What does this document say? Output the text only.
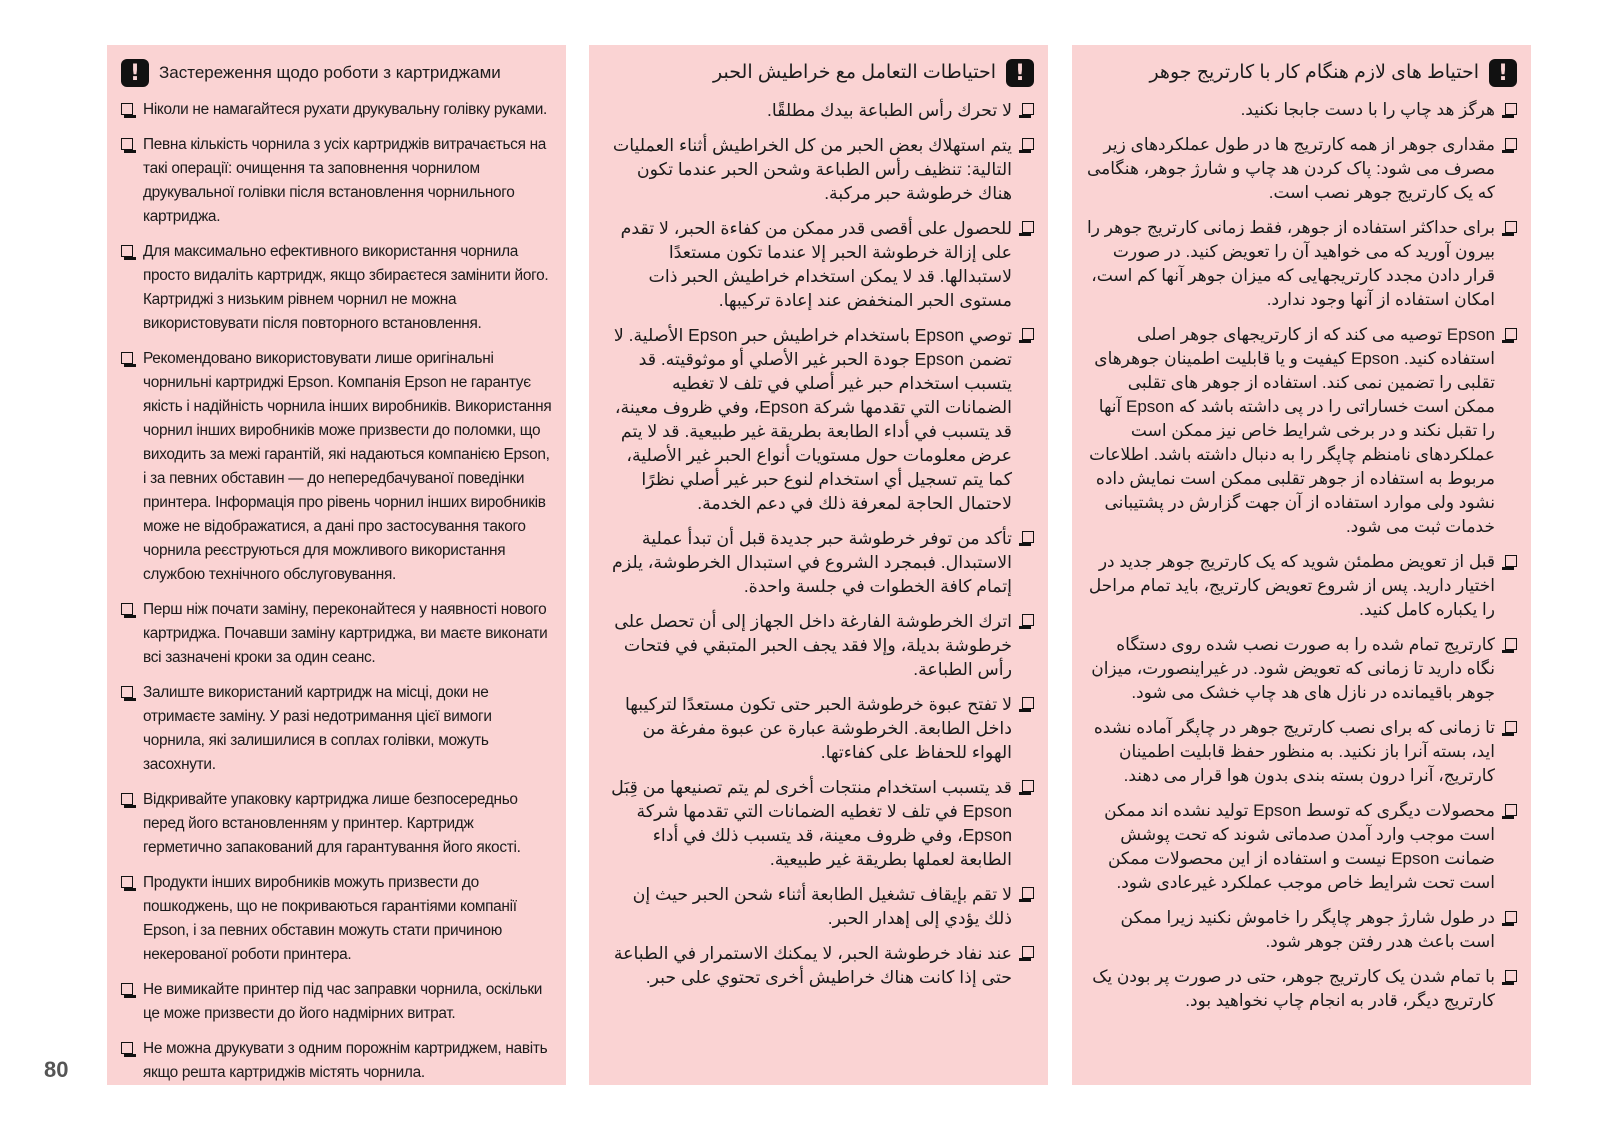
!	Застереження щодо роботи з картриджами
Ніколи не намагайтеся рухати друкувальну голівку руками.
Певна кількість чорнила з усіх картриджів витрачається на такі операції: очищення та заповнення чорнилом друкувальної голівки після встановлення чорнильного картриджа.
Для максимально ефективного використання чорнила просто видаліть картридж, якщо збираєтеся замінити його. Картриджі з низьким рівнем чорнил не можна використовувати після повторного встановлення.
Рекомендовано використовувати лише оригінальні чорнильні картриджі Epson. Компанія Epson не гарантує якість і надійність чорнила інших виробників. Використання чорнил інших виробників може призвести до поломки, що виходить за межі гарантій, які надаються компанією Epson, і за певних обставин — до непередбачуваної поведінки принтера. Інформація про рівень чорнил інших виробників може не відображатися, а дані про застосування такого чорнила реєструються для можливого використання службою технічного обслуговування.
Перш ніж почати заміну, переконайтеся у наявності нового картриджа. Почавши заміну картриджа, ви маєте виконати всі зазначені кроки за один сеанс.
Залиште використаний картридж на місці, доки не отримаєте заміну. У разі недотримання цієї вимоги чорнила, які залишилися в соплах голівки, можуть засохнути.
Відкривайте упаковку картриджа лише безпосередньо перед його встановленням у принтер. Картридж герметично запакований для гарантування його якості.
Продукти інших виробників можуть призвести до пошкоджень, що не покриваються гарантіями компанії Epson, і за певних обставин можуть стати причиною некерованої роботи принтера.
Не вимикайте принтер під час заправки чорнила, оскільки це може призвести до його надмірних витрат.
Не можна друкувати з одним порожнім картриджем, навіть якщо решта картриджів містять чорнила.
!
احتياطات التعامل مع خراطيش الحبر
لا تحرك رأس الطباعة بيدك مطلقًا.
يتم استهلاك بعض الحبر من كل الخراطيش أثناء العمليات التالية: تنظيف رأس الطباعة وشحن الحبر عندما تكون هناك خرطوشة حبر مركبة.
للحصول على أقصى قدر ممكن من كفاءة الحبر، لا تقدم على إزالة خرطوشة الحبر إلا عندما تكون مستعدًا لاستبدالها. قد لا يمكن استخدام خراطيش الحبر ذات مستوى الحبر المنخفض عند إعادة تركيبها.
توصي Epson باستخدام خراطيش حبر Epson الأصلية. لا تضمن Epson جودة الحبر غير الأصلي أو موثوقيته. قد يتسبب استخدام حبر غير أصلي في تلف لا تغطيه الضمانات التي تقدمها شركة Epson، وفي ظروف معينة، قد يتسبب في أداء الطابعة بطريقة غير طبيعية. قد لا يتم عرض معلومات حول مستويات أنواع الحبر غير الأصلية، كما يتم تسجيل أي استخدام لنوع حبر غير أصلي نظرًا لاحتمال الحاجة لمعرفة ذلك في دعم الخدمة.
تأكد من توفر خرطوشة حبر جديدة قبل أن تبدأ عملية الاستبدال. فبمجرد الشروع في استبدال الخرطوشة، يلزم إتمام كافة الخطوات في جلسة واحدة.
اترك الخرطوشة الفارغة داخل الجهاز إلى أن تحصل على خرطوشة بديلة، وإلا فقد يجف الحبر المتبقي في فتحات رأس الطباعة.
لا تفتح عبوة خرطوشة الحبر حتى تكون مستعدًا لتركيبها داخل الطابعة. الخرطوشة عبارة عن عبوة مفرغة من الهواء للحفاظ على كفاءتها.
قد يتسبب استخدام منتجات أخرى لم يتم تصنيعها من قِبَل Epson في تلف لا تغطيه الضمانات التي تقدمها شركة Epson، وفي ظروف معينة، قد يتسبب ذلك في أداء الطابعة لعملها بطريقة غير طبيعية.
لا تقم بإيقاف تشغيل الطابعة أثناء شحن الحبر حيث إن ذلك يؤدي إلى إهدار الحبر.
عند نفاد خرطوشة الحبر، لا يمكنك الاستمرار في الطباعة حتى إذا كانت هناك خراطيش أخرى تحتوي على حبر.
!
احتیاط های لازم هنگام کار با کارتریج جوهر
هرگز هد چاپ را با دست جابجا نکنید.
مقداری جوهر از همه کارتریج ها در طول عملکردهای زیر مصرف می شود: پاک کردن هد چاپ و شارژ جوهر، هنگامی که یک کارتریج جوهر نصب است.
برای حداکثر استفاده از جوهر، فقط زمانی کارتریج جوهر را بیرون آورید که می خواهید آن را تعویض کنید. در صورت قرار دادن مجدد کارتریجهایی که میزان جوهر آنها کم است، امکان استفاده از آنها وجود ندارد.
Epson توصیه می کند که از کارتریجهای جوهر اصلی استفاده کنید. Epson کیفیت و یا قابلیت اطمینان جوهرهای تقلبی را تضمین نمی کند. استفاده از جوهر های تقلبی ممکن است خساراتی را در پی داشته باشد که Epson آنها را تقبل نکند و در برخی شرایط خاص نیز ممکن است عملکردهای نامنظم چاپگر را به دنبال داشته باشد. اطلاعات مربوط به استفاده از جوهر تقلبی ممکن است نمایش داده نشود ولی موارد استفاده از آن جهت گزارش در پشتیبانی خدمات ثبت می شود.
قبل از تعویض مطمئن شوید که یک کارتریج جوهر جدید در اختیار دارید. پس از شروع تعویض کارتریج، باید تمام مراحل را یکباره کامل کنید.
کارتریج تمام شده را به صورت نصب شده روی دستگاه نگاه دارید تا زمانی که تعویض شود. در غیراینصورت، میزان جوهر باقیمانده در نازل های هد چاپ خشک می شود.
تا زمانی که برای نصب کارتریج جوهر در چاپگر آماده نشده اید، بسته آنرا باز نکنید. به منظور حفظ قابلیت اطمینان کارتریج، آنرا درون بسته بندی بدون هوا قرار می دهند.
محصولات دیگری که توسط Epson تولید نشده اند ممکن است موجب وارد آمدن صدماتی شوند که تحت پوشش ضمانت Epson نیست و استفاده از این محصولات ممکن است تحت شرایط خاص موجب عملکرد غیرعادی شود.
در طول شارژ جوهر چاپگر را خاموش نکنید زیرا ممکن است باعث هدر رفتن جوهر شود.
با تمام شدن یک کارتریج جوهر، حتی در صورت پر بودن یک کارتریج دیگر، قادر به انجام چاپ نخواهید بود.
80
